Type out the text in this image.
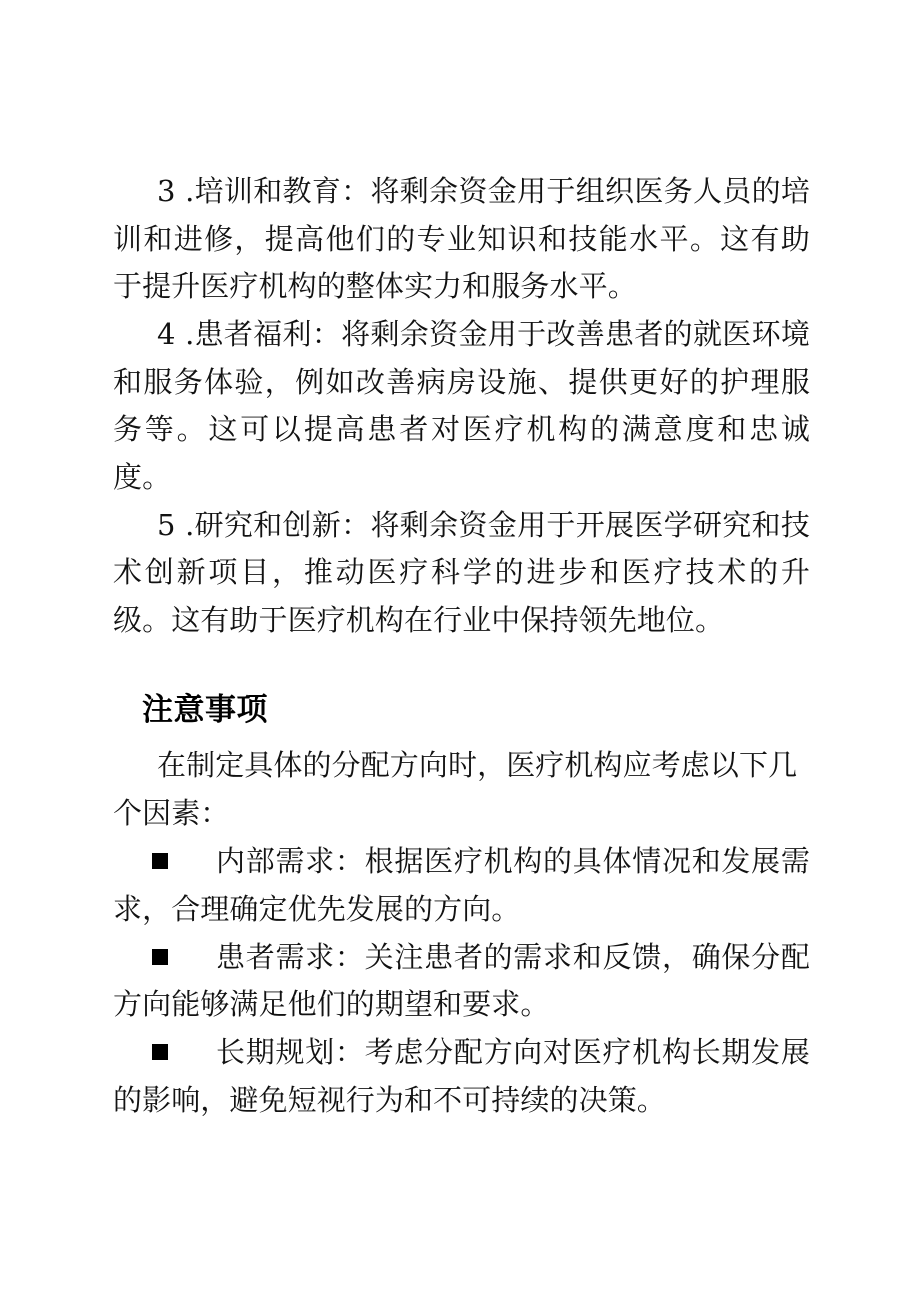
3 .培训和教育：将剩余资金用于组织医务人员的培训和进修，提高他们的专业知识和技能水平。这有助于提升医疗机构的整体实力和服务水平。

4 .患者福利：将剩余资金用于改善患者的就医环境和服务体验，例如改善病房设施、提供更好的护理服务等。这可以提高患者对医疗机构的满意度和忠诚度。

5 .研究和创新：将剩余资金用于开展医学研究和技术创新项目，推动医疗科学的进步和医疗技术的升级。这有助于医疗机构在行业中保持领先地位。

注意事项

在制定具体的分配方向时，医疗机构应考虑以下几个因素：

内部需求：根据医疗机构的具体情况和发展需求，合理确定优先发展的方向。

患者需求：关注患者的需求和反馈，确保分配方向能够满足他们的期望和要求。

长期规划：考虑分配方向对医疗机构长期发展的影响，避免短视行为和不可持续的决策。
